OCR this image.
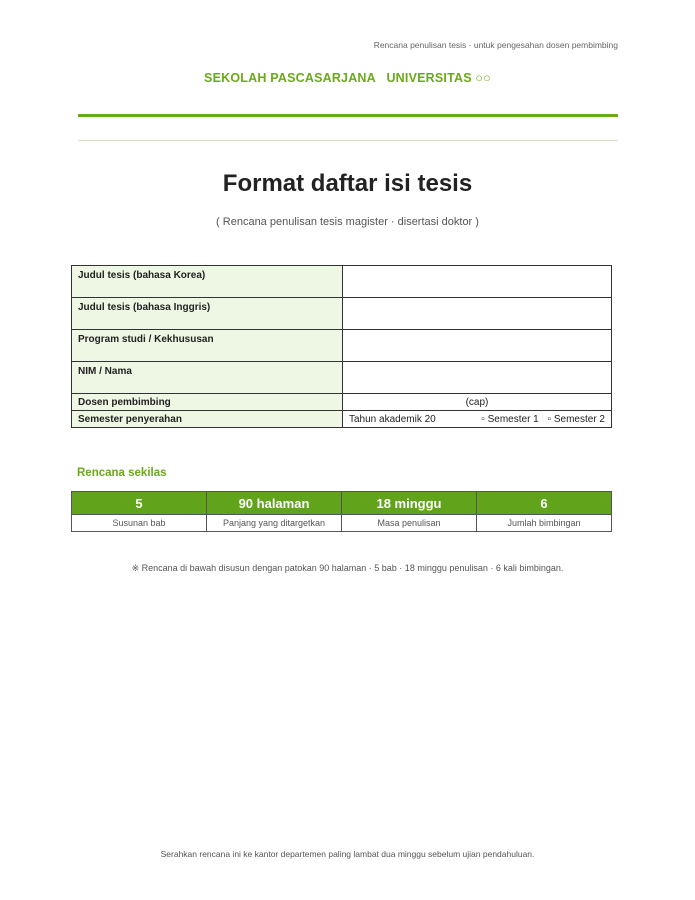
Rencana penulisan tesis · untuk pengesahan dosen pembimbing
SEKOLAH PASCASARJANA   UNIVERSITAS ○○
Format daftar isi tesis
( Rencana penulisan tesis magister · disertasi doktor )
Judul tesis (bahasa Korea)	
Judul tesis (bahasa Inggris)	
Program studi / Kekhususan	
NIM / Nama	
Dosen pembimbing	(cap)
Semester penyerahan	Tahun akademik 20 ▫ Semester 1 ▫ Semester 2
Rencana sekilas
5	90 halaman	18 minggu	6
Susunan bab	Panjang yang ditargetkan	Masa penulisan	Jumlah bimbingan
※ Rencana di bawah disusun dengan patokan 90 halaman · 5 bab · 18 minggu penulisan · 6 kali bimbingan.
Serahkan rencana ini ke kantor departemen paling lambat dua minggu sebelum ujian pendahuluan.
